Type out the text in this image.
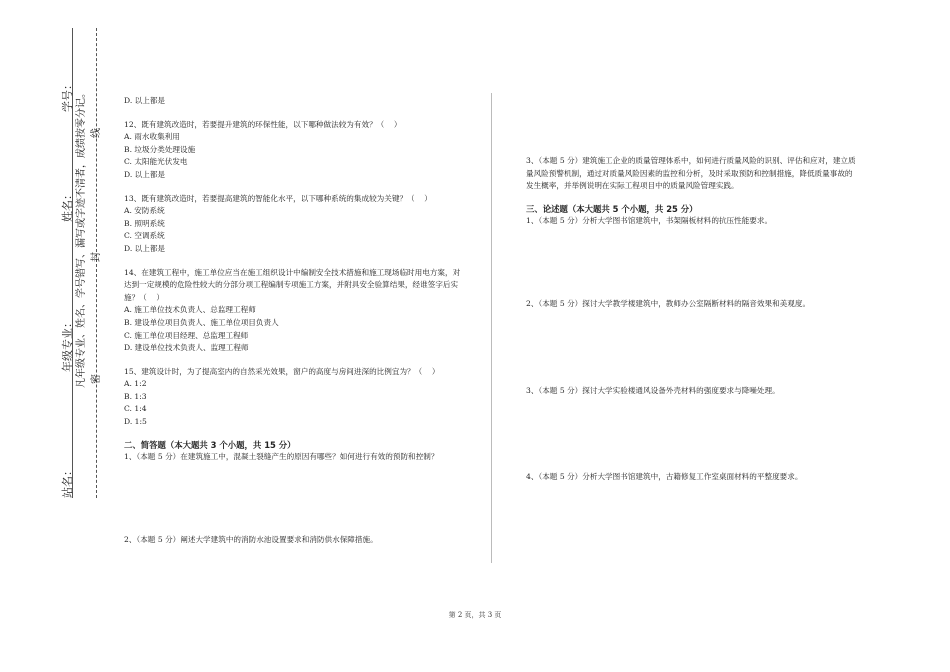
学号：
姓名：
年级专业：
站名：
凡年级专业、姓名、学号错写、漏写或字迹不清者，成绩按零分记。 线
封
密

D. 以上都是

12、既有建筑改造时，若要提升建筑的环保性能，以下哪种做法较为有效？（    ）

A. 雨水收集利用

B. 垃圾分类处理设施

C. 太阳能光伏发电

D. 以上都是

13、既有建筑改造时，若要提高建筑的智能化水平，以下哪种系统的集成较为关键？（    ）

A. 安防系统

B. 照明系统

C. 空调系统

D. 以上都是

14、在建筑工程中，施工单位应当在施工组织设计中编制安全技术措施和施工现场临时用电方案，对达到一定规模的危险性较大的分部分项工程编制专项施工方案，并附具安全验算结果，经谁签字后实施？（    ）

A. 施工单位技术负责人、总监理工程师

B. 建设单位项目负责人、施工单位项目负责人

C. 施工单位项目经理、总监理工程师

D. 建设单位技术负责人、监理工程师

15、建筑设计时，为了提高室内的自然采光效果，窗户的高度与房间进深的比例宜为？（    ）

A. 1:2

B. 1:3

C. 1:4

D. 1:5

二、简答题（本大题共 3 个小题，共 15 分）

1、（本题 5 分）在建筑施工中，混凝土裂缝产生的原因有哪些？如何进行有效的预防和控制？

2、（本题 5 分）阐述大学建筑中的消防水池设置要求和消防供水保障措施。

3、（本题 5 分）建筑施工企业的质量管理体系中，如何进行质量风险的识别、评估和应对，建立质量风险预警机制，通过对质量风险因素的监控和分析，及时采取预防和控制措施，降低质量事故的发生概率，并举例说明在实际工程项目中的质量风险管理实践。

三、论述题（本大题共 5 个小题，共 25 分）

1、（本题 5 分）分析大学图书馆建筑中，书架隔板材料的抗压性能要求。

2、（本题 5 分）探讨大学教学楼建筑中，教师办公室隔断材料的隔音效果和美观度。

3、（本题 5 分）探讨大学实验楼通风设备外壳材料的强度要求与降噪处理。

4、（本题 5 分）分析大学图书馆建筑中，古籍修复工作室桌面材料的平整度要求。

第 2 页，共 3 页
